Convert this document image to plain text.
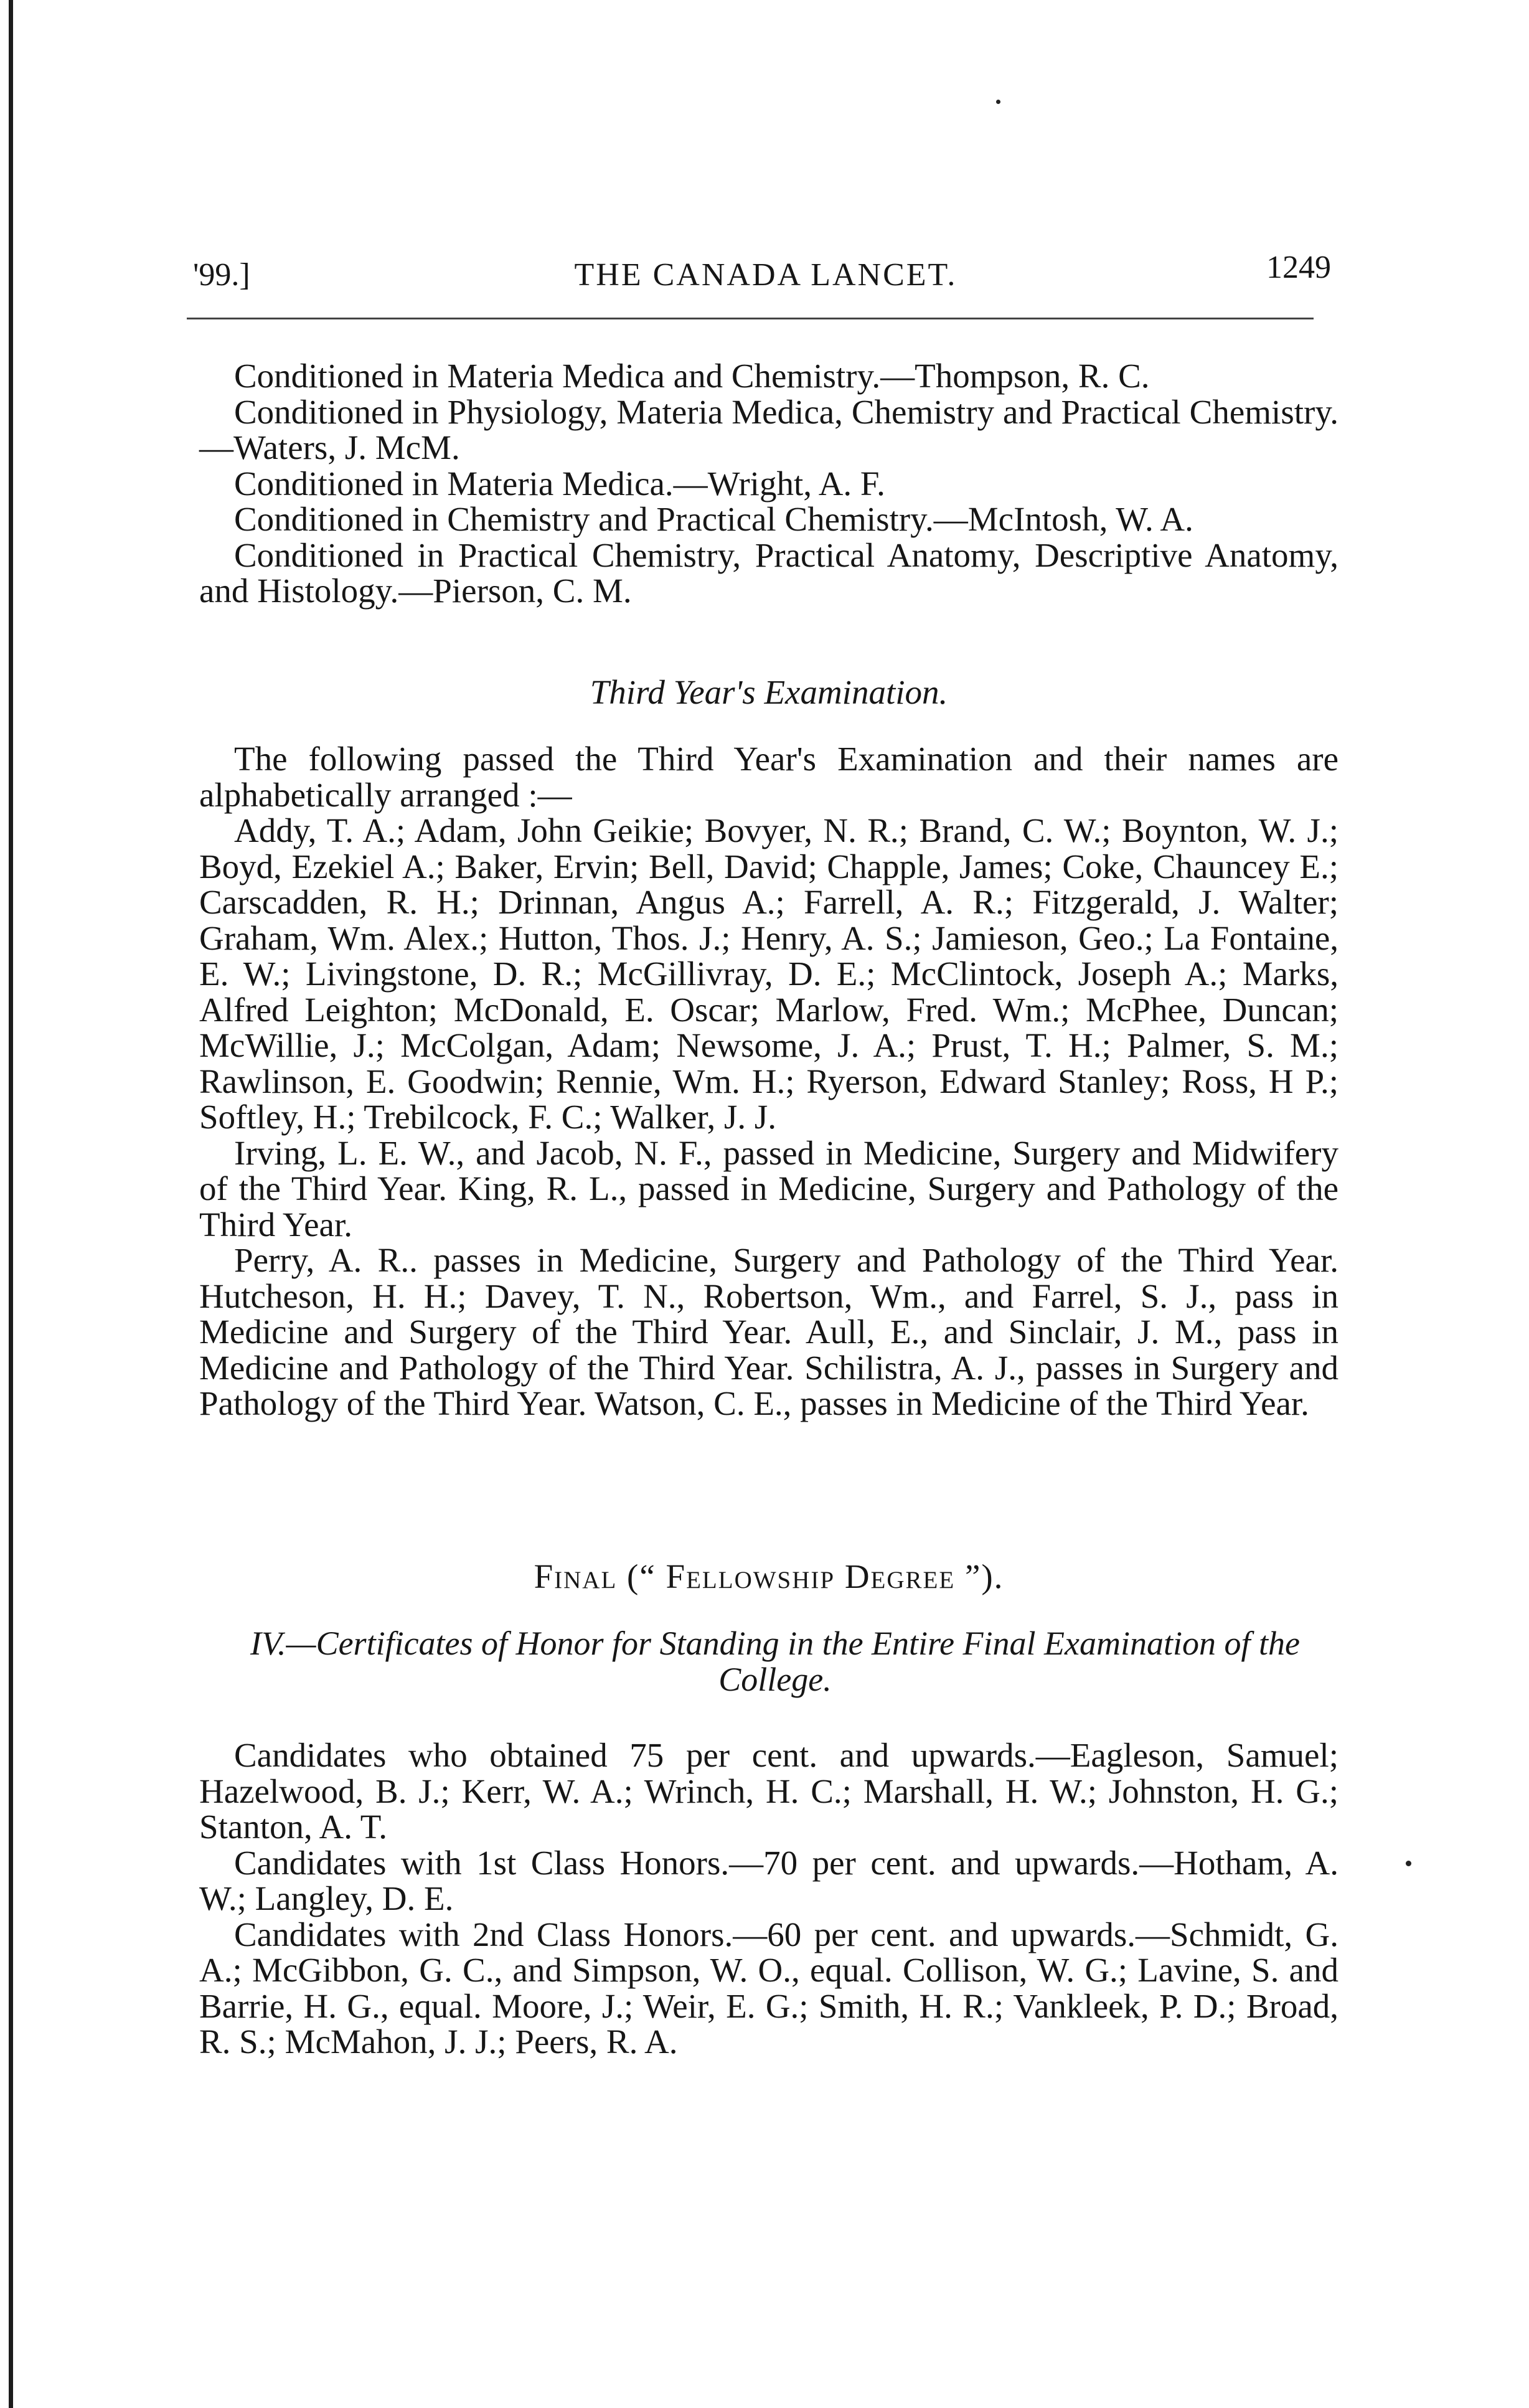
'99.]	THE CANADA LANCET.	1249

Conditioned in Materia Medica and Chemistry.—Thompson, R. C.

Conditioned in Physiology, Materia Medica, Chemistry and Practical Chemistry.—Waters, J. McM.

Conditioned in Materia Medica.—Wright, A. F.

Conditioned in Chemistry and Practical Chemistry.—McIntosh, W. A.

Conditioned in Practical Chemistry, Practical Anatomy, Descriptive Anatomy, and Histology.—Pierson, C. M.

Third Year's Examination.

The following passed the Third Year's Examination and their names are alphabetically arranged :—

Addy, T. A.; Adam, John Geikie; Bovyer, N. R.; Brand, C. W.; Boynton, W. J.; Boyd, Ezekiel A.; Baker, Ervin; Bell, David; Chapple, James; Coke, Chauncey E.; Carscadden, R. H.; Drinnan, Angus A.; Farrell, A. R.; Fitzgerald, J. Walter; Graham, Wm. Alex.; Hutton, Thos. J.; Henry, A. S.; Jamieson, Geo.; La Fontaine, E. W.; Livingstone, D. R.; McGillivray, D. E.; McClintock, Joseph A.; Marks, Alfred Leighton; McDonald, E. Oscar; Marlow, Fred. Wm.; McPhee, Duncan; McWillie, J.; McColgan, Adam; Newsome, J. A.; Prust, T. H.; Palmer, S. M.; Rawlinson, E. Goodwin; Rennie, Wm. H.; Ryerson, Edward Stanley; Ross, H P.; Softley, H.; Trebilcock, F. C.; Walker, J. J.

Irving, L. E. W., and Jacob, N. F., passed in Medicine, Surgery and Midwifery of the Third Year. King, R. L., passed in Medicine, Surgery and Pathology of the Third Year.

Perry, A. R.. passes in Medicine, Surgery and Pathology of the Third Year. Hutcheson, H. H.; Davey, T. N., Robertson, Wm., and Farrel, S. J., pass in Medicine and Surgery of the Third Year. Aull, E., and Sinclair, J. M., pass in Medicine and Pathology of the Third Year. Schilistra, A. J., passes in Surgery and Pathology of the Third Year. Watson, C. E., passes in Medicine of the Third Year.

Final (“ Fellowship Degree ”).
IV.—Certificates of Honor for Standing in the Entire Final Examination of the College.

Candidates who obtained 75 per cent. and upwards.—Eagleson, Samuel; Hazelwood, B. J.; Kerr, W. A.; Wrinch, H. C.; Marshall, H. W.; Johnston, H. G.; Stanton, A. T.

Candidates with 1st Class Honors.—70 per cent. and upwards.—Hotham, A. W.; Langley, D. E.

Candidates with 2nd Class Honors.—60 per cent. and upwards.—Schmidt, G. A.; McGibbon, G. C., and Simpson, W. O., equal. Collison, W. G.; Lavine, S. and Barrie, H. G., equal. Moore, J.; Weir, E. G.; Smith, H. R.; Vankleek, P. D.; Broad, R. S.; McMahon, J. J.; Peers, R. A.
